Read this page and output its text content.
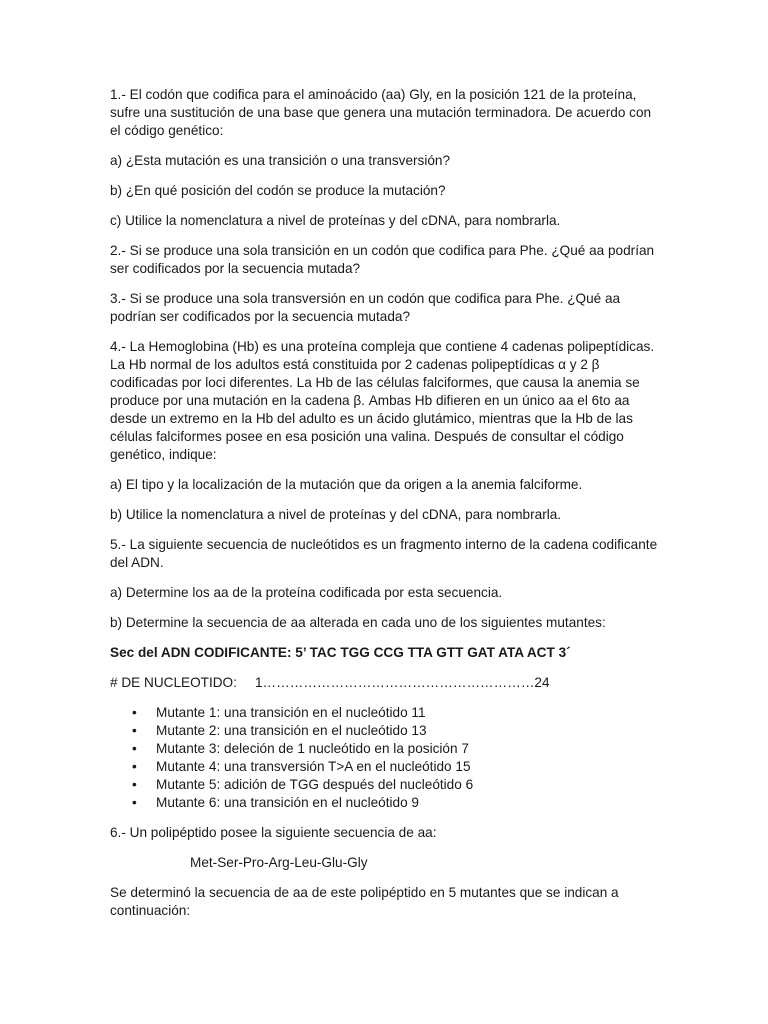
1.- El codón que codifica para el aminoácido (aa) Gly, en la posición 121 de la proteína, sufre una sustitución de una base que genera una mutación terminadora. De acuerdo con el código genético:

a) ¿Esta mutación es una transición o una transversión?

b) ¿En qué posición del codón se produce la mutación?

c) Utilice la nomenclatura a nivel de proteínas y del cDNA, para nombrarla.

2.- Si se produce una sola transición en un codón que codifica para Phe. ¿Qué aa podrían ser codificados por la secuencia mutada?

3.- Si se produce una sola transversión en un codón que codifica para Phe. ¿Qué aa podrían ser codificados por la secuencia mutada?

4.- La Hemoglobina (Hb) es una proteína compleja que contiene 4 cadenas polipeptídicas. La Hb normal de los adultos está constituida por 2 cadenas polipeptídicas α y 2 β codificadas por loci diferentes. La Hb de las células falciformes, que causa la anemia se produce por una mutación en la cadena β. Ambas Hb difieren en un único aa el 6to aa desde un extremo en la Hb del adulto es un ácido glutámico, mientras que la Hb de las células falciformes posee en esa posición una valina. Después de consultar el código genético, indique:

a) El tipo y la localización de la mutación que da origen a la anemia falciforme.

b) Utilice la nomenclatura a nivel de proteínas y del cDNA, para nombrarla.

5.- La siguiente secuencia de nucleótidos es un fragmento interno de la cadena codificante del ADN.

a) Determine los aa de la proteína codificada por esta secuencia.

b) Determine la secuencia de aa alterada en cada uno de los siguientes mutantes:

Sec del ADN CODIFICANTE: 5’ TAC TGG CCG TTA GTT GAT ATA ACT 3´

# DE NUCLEOTIDO:	1……………………………………………………24

• Mutante 1: una transición en el nucleótido 11
• Mutante 2: una transición en el nucleótido 13
• Mutante 3: deleción de 1 nucleótido en la posición 7
• Mutante 4: una transversión T>A en el nucleótido 15
• Mutante 5: adición de TGG después del nucleótido 6
• Mutante 6: una transición en el nucleótido 9

6.- Un polipéptido posee la siguiente secuencia de aa:

Met-Ser-Pro-Arg-Leu-Glu-Gly

Se determinó la secuencia de aa de este polipéptido en 5 mutantes que se indican a continuación:
